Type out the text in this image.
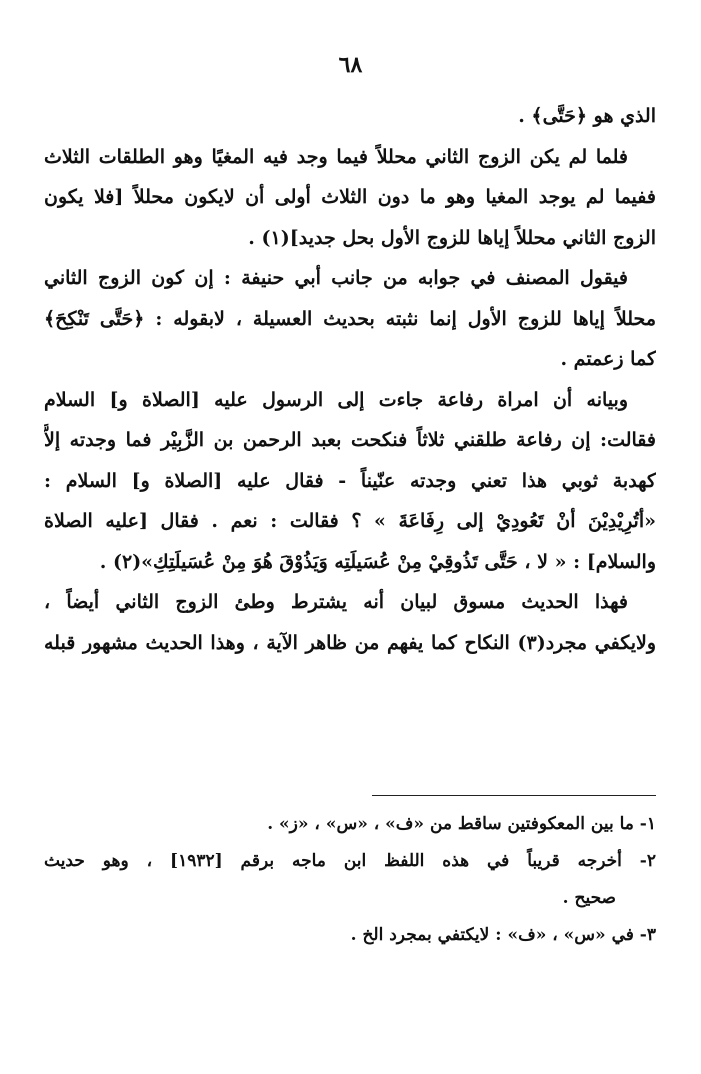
٦٨
الذي هو ﴿حَتَّى﴾ .
فلما لم يكن الزوج الثاني محللاً فيما وجد فيه المغيًا وهو الطلقات الثلاث
ففيما لم يوجد المغيا وهو ما دون الثلاث أولى أن لايكون محللاً [فلا يكون
الزوج الثاني محللاً إياها للزوج الأول بحل جديد](١) .
فيقول المصنف في جوابه من جانب أبي حنيفة : إن كون الزوج الثاني
محللاً إياها للزوج الأول إنما نثبته بحديث العسيلة ، لابقوله : ﴿حَتَّى تَنْكِحَ﴾
كما زعمتم .
وبيانه أن امراة رفاعة جاءت إلى الرسول عليه [الصلاة و] السلام
فقالت: إن رفاعة طلقني ثلاثاً فنكحت بعبد الرحمن بن الزَّبِيْر فما وجدته إلاَّ
كهدبة ثوبي هذا تعني وجدته عنّيناً - فقال عليه [الصلاة و] السلام :
«أتُرِيْدِيْنَ أنْ تَعُودِيْ إلى رِفَاعَةَ » ؟ فقالت : نعم . فقال [عليه الصلاة
والسلام] : « لا ، حَتَّى تَذُوقِيْ مِنْ عُسَيلَتِه وَيَذُوْقَ هُوَ مِنْ عُسَيلَتِكِ»(٢) .
فهذا الحديث مسوق لبيان أنه يشترط وطئ الزوج الثاني أيضاً ،
ولايكفي مجرد(٣) النكاح كما يفهم من ظاهر الآية ، وهذا الحديث مشهور قبله
١- ما بين المعكوفتين ساقط من «ف» ، «س» ، «ز» .
٢- أخرجه قريباً في هذه اللفظ ابن ماجه برقم [١٩٣٢] ، وهو حديث
صحيح .
٣- في «س» ، «ف» : لايكتفي بمجرد الخ .
